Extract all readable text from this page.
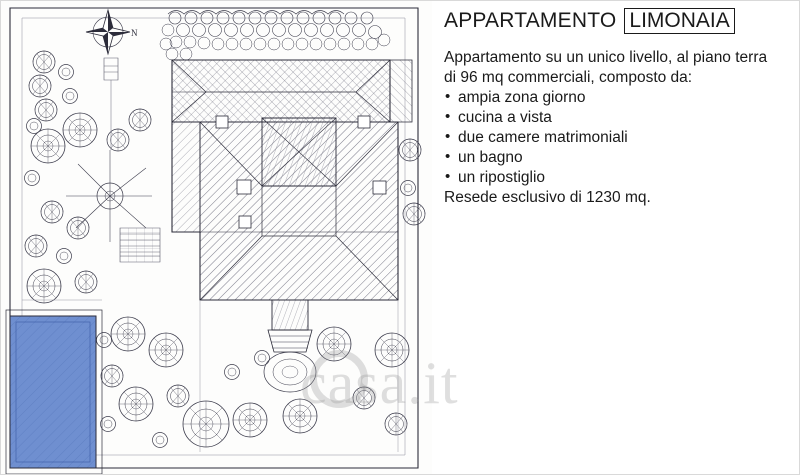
N
APPARTAMENTO LIMONAIA
Appartamento su un unico livello, al piano terra
di 96 mq commerciali, composto da:
• ampia zona giorno
• cucina a vista
• due camere matrimoniali
• un bagno
• un ripostiglio
Resede esclusivo di 1230 mq.
casa.it
